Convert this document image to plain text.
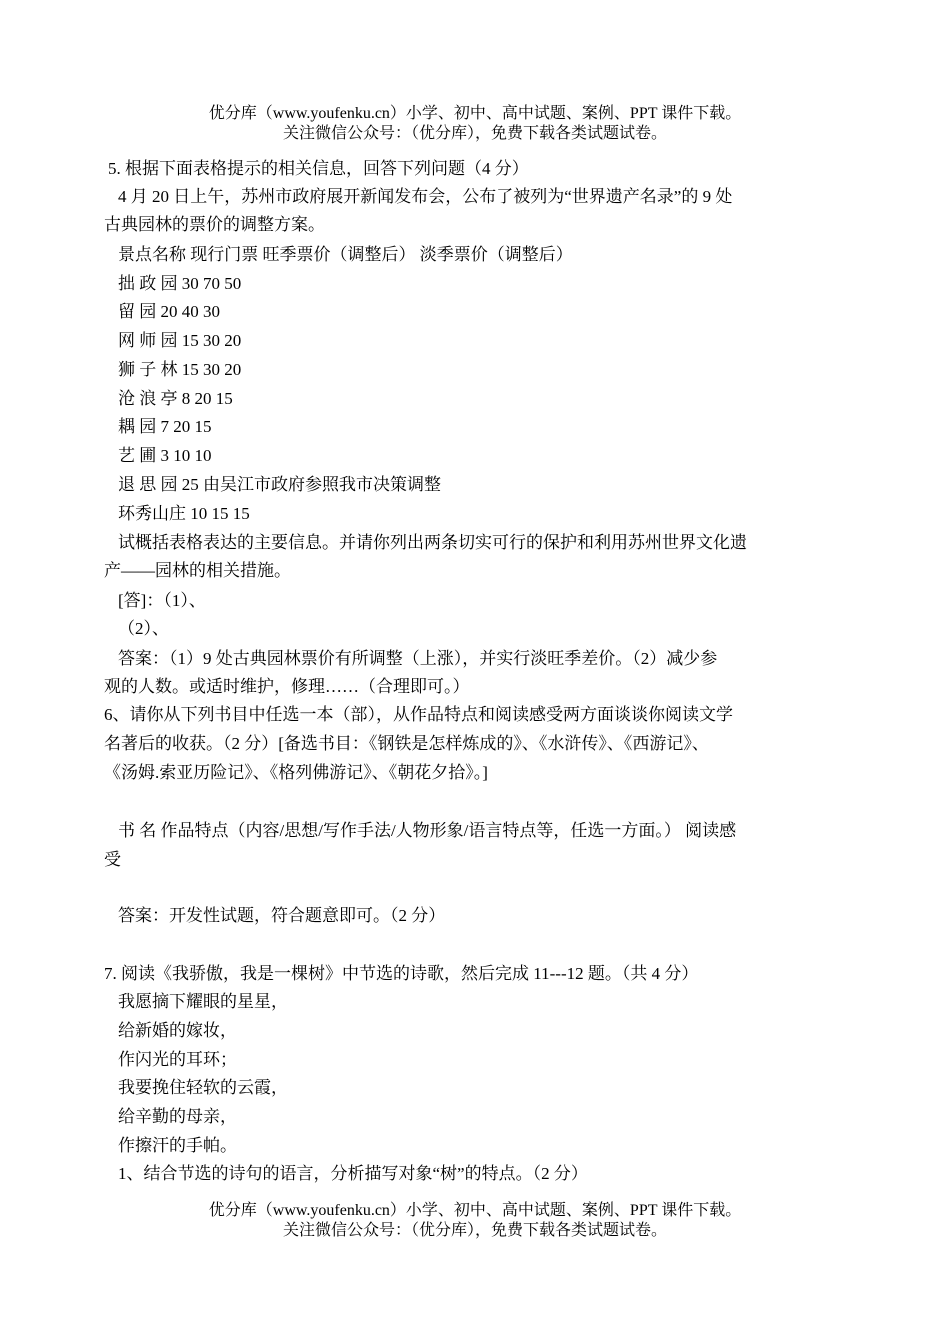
优分库（www.youfenku.cn）小学、初中、高中试题、案例、PPT 课件下载。
关注微信公众号：（优分库），免费下载各类试题试卷。
5. 根据下面表格提示的相关信息，回答下列问题（4 分）
4 月 20 日上午，苏州市政府展开新闻发布会，公布了被列为“世界遗产名录”的 9 处
古典园林的票价的调整方案。
景点名称 现行门票 旺季票价（调整后） 淡季票价（调整后）
拙 政 园 30 70 50
留 园 20 40 30
网 师 园 15 30 20
狮 子 林 15 30 20
沧 浪 亭 8 20 15
耦 园 7 20 15
艺 圃 3 10 10
退 思 园 25 由吴江市政府参照我市决策调整
环秀山庄 10 15 15
试概括表格表达的主要信息。并请你列出两条切实可行的保护和利用苏州世界文化遗
产——园林的相关措施。
[答]：（1）、
（2）、
答案：（1）9 处古典园林票价有所调整（上涨），并实行淡旺季差价。（2）减少参
观的人数。或适时维护，修理……（合理即可。）
6、请你从下列书目中任选一本（部），从作品特点和阅读感受两方面谈谈你阅读文学
名著后的收获。（2 分）[备选书目：《钢铁是怎样炼成的》、《水浒传》、《西游记》、
《汤姆.索亚历险记》、《格列佛游记》、《朝花夕拾》。]
书 名 作品特点（内容/思想/写作手法/人物形象/语言特点等，任选一方面。） 阅读感
受
答案：开发性试题，符合题意即可。（2 分）
7. 阅读《我骄傲，我是一棵树》中节选的诗歌，然后完成 11---12 题。（共 4 分）
我愿摘下耀眼的星星，
给新婚的嫁妆，
作闪光的耳环；
我要挽住轻软的云霞，
给辛勤的母亲，
作擦汗的手帕。
1、结合节选的诗句的语言，分析描写对象“树”的特点。（2 分）
优分库（www.youfenku.cn）小学、初中、高中试题、案例、PPT 课件下载。
关注微信公众号：（优分库），免费下载各类试题试卷。
